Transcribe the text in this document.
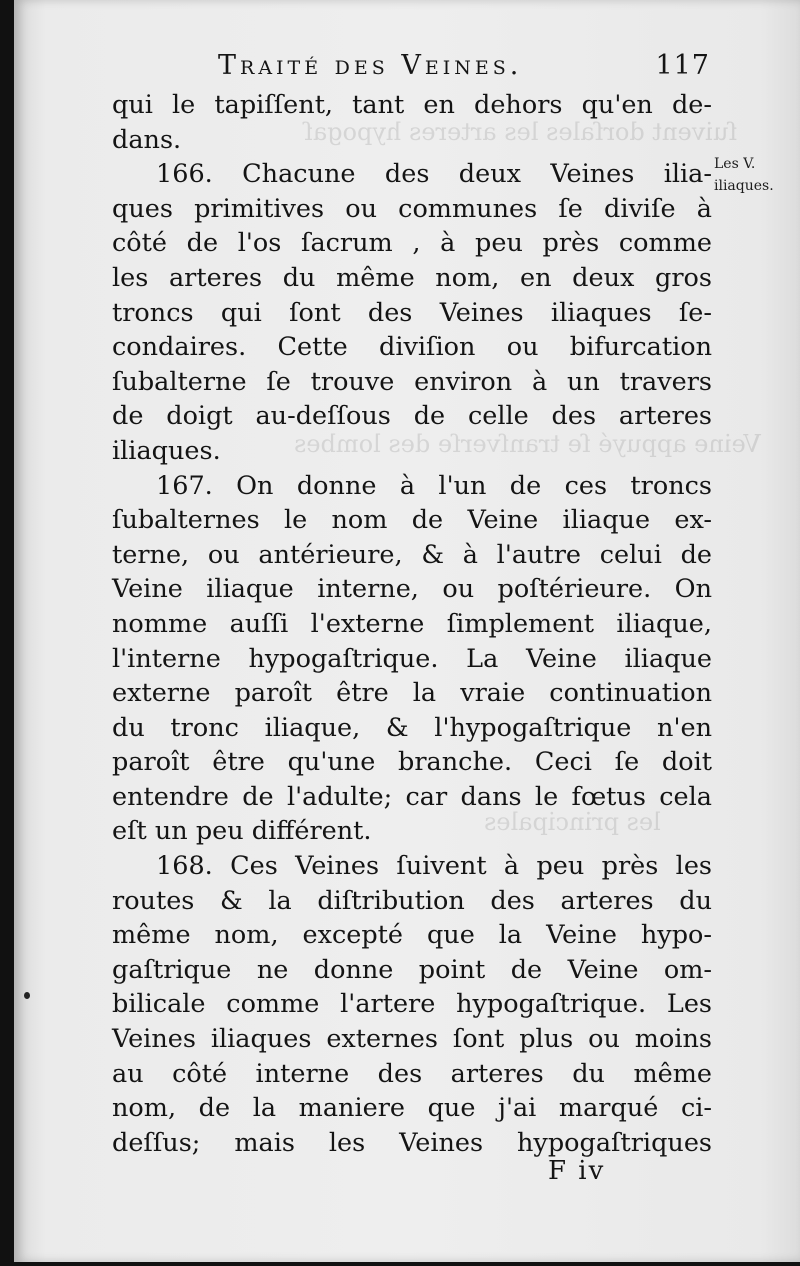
ſuivent dorſales les arteres hypogaſ
Veine appuyé ſe tranſverſe des lombes
les principales
Traité des Veines.	117
Les V.
iliaques.
qui le tapiſſent, tant en dehors qu'en de-
dans.
166. Chacune des deux Veines ilia-
ques primitives ou communes ſe diviſe à
côté de l'os ſacrum , à peu près comme
les arteres du même nom, en deux gros
troncs qui ſont des Veines iliaques ſe-
condaires. Cette diviſion ou bifurcation
ſubalterne ſe trouve environ à un travers
de doigt au-deſſous de celle des arteres
iliaques.
167. On donne à l'un de ces troncs
ſubalternes le nom de Veine iliaque ex-
terne, ou antérieure, & à l'autre celui de
Veine iliaque interne, ou poſtérieure. On
nomme auſſi l'externe ſimplement iliaque,
l'interne hypogaſtrique. La Veine iliaque
externe paroît être la vraie continuation
du tronc iliaque, & l'hypogaſtrique n'en
paroît être qu'une branche. Ceci ſe doit
entendre de l'adulte; car dans le fœtus cela
eſt un peu différent.
168. Ces Veines ſuivent à peu près les
routes & la diſtribution des arteres du
même nom, excepté que la Veine hypo-
gaſtrique ne donne point de Veine om-
bilicale comme l'artere hypogaſtrique. Les
Veines iliaques externes ſont plus ou moins
au côté interne des arteres du même
nom, de la maniere que j'ai marqué ci-
deſſus; mais les Veines hypogaſtriques
F iv
